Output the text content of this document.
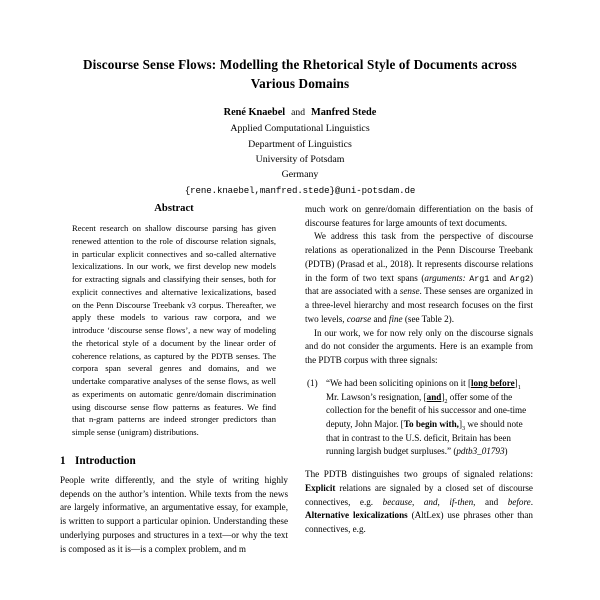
Discourse Sense Flows: Modelling the Rhetorical Style of Documents across Various Domains
René Knaebel and Manfred Stede
Applied Computational Linguistics
Department of Linguistics
University of Potsdam
Germany
{rene.knaebel,manfred.stede}@uni-potsdam.de
Abstract

Recent research on shallow discourse parsing has given renewed attention to the role of discourse relation signals, in particular explicit connectives and so-called alternative lexicalizations. In our work, we first develop new models for extracting signals and classifying their senses, both for explicit connectives and alternative lexicalizations, based on the Penn Discourse Treebank v3 corpus. Thereafter, we apply these models to various raw corpora, and we introduce ‘discourse sense flows’, a new way of modeling the rhetorical style of a document by the linear order of coherence relations, as captured by the PDTB senses. The corpora span several genres and domains, and we undertake comparative analyses of the sense flows, as well as experiments on automatic genre/domain discrimination using discourse sense flow patterns as features. We find that n-gram patterns are indeed stronger predictors than simple sense (unigram) distributions.

1 Introduction

People write differently, and the style of writing highly depends on the author’s intention. While texts from the news are largely informative, an argumentative essay, for example, is written to support a particular opinion. Understanding these underlying purposes and structures in a text—or why the text is composed as it is—is a complex problem, and m

much work on genre/domain differentiation on the basis of discourse features for large amounts of text documents.

We address this task from the perspective of discourse relations as operationalized in the Penn Discourse Treebank (PDTB) (Prasad et al., 2018). It represents discourse relations in the form of two text spans (arguments: Arg1 and Arg2) that are associated with a sense. These senses are organized in a three-level hierarchy and most research focuses on the first two levels, coarse and fine (see Table 2).

In our work, we for now rely only on the discourse signals and do not consider the arguments. Here is an example from the PDTB corpus with three signals:

(1) “We had been soliciting opinions on it [long $before]_1$ Mr. Lawson’s resignation, $[and]_2$ offer some of the collection for the benefit of his successor and one-time deputy, John Major. [To begin $with,]_3$ we should note that in contrast to the U.S. deficit, Britain has been running largish budget surpluses.” (pdtb3_01793)

The PDTB distinguishes two groups of signaled relations: Explicit relations are signaled by a closed set of discourse connectives, e.g. because, and, if-then, and before. Alternative lexicalizations (AltLex) use phrases other than connectives, e.g.
